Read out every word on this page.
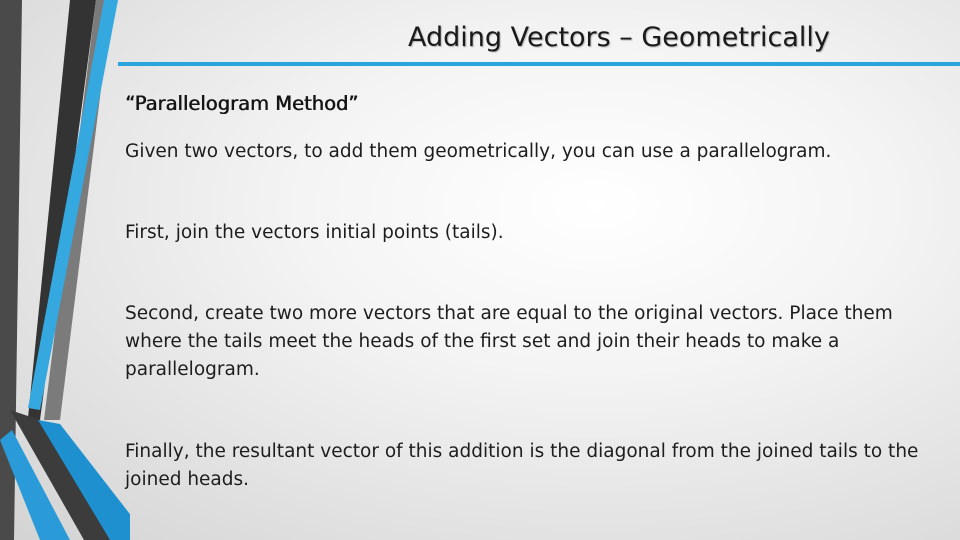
Adding Vectors – Geometrically
“Parallelogram Method”

Given two vectors, to add them geometrically, you can use a parallelogram.

First, join the vectors initial points (tails).

Second, create two more vectors that are equal to the original vectors. Place them where the tails meet the heads of the first set and join their heads to make a parallelogram.

Finally, the resultant vector of this addition is the diagonal from the joined tails to the joined heads.
